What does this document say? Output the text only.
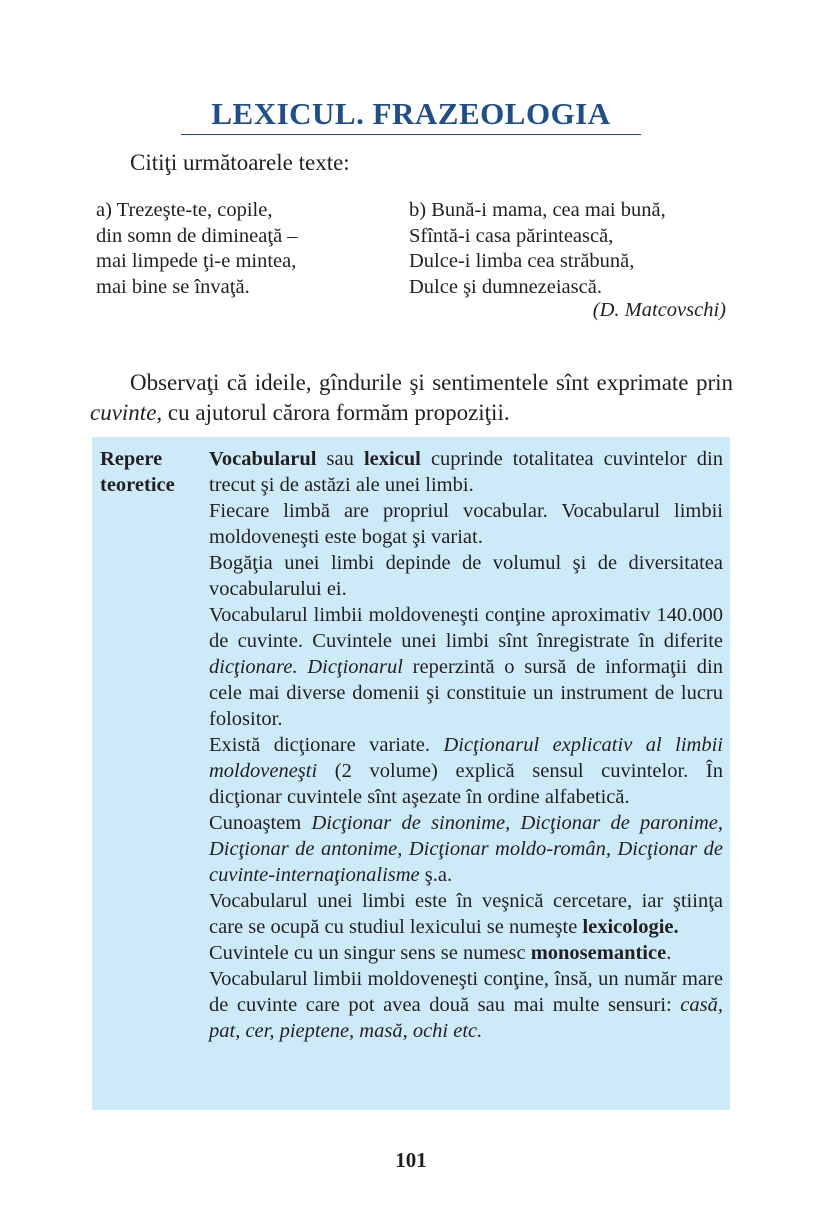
LEXICUL. FRAZEOLOGIA

Citiţi următoarele texte:

a) Trezeşte-te, copile,
din somn de dimineaţă –
mai limpede ţi-e mintea,
mai bine se învaţă.
b) Bună-i mama, cea mai bună,
Sfîntă-i casa părintească,
Dulce-i limba cea străbună,
Dulce şi dumnezeiască.
(D. Matcovschi)

Observaţi că ideile, gîndurile şi sentimentele sînt exprimate prin cuvinte, cu ajutorul cărora formăm propoziţii.

Repere
teoretice

Vocabularul sau lexicul cuprinde totalitatea cuvintelor din trecut şi de astăzi ale unei limbi.

Fiecare limbă are propriul vocabular. Vocabularul limbii moldoveneşti este bogat şi variat.

Bogăţia unei limbi depinde de volumul şi de diversitatea vocabularului ei.

Vocabularul limbii moldoveneşti conţine aproximativ 140.000 de cuvinte. Cuvintele unei limbi sînt înregistrate în diferite dicţionare. Dicţionarul reperzintă o sursă de informaţii din cele mai diverse domenii şi constituie un instrument de lucru folositor.

Există dicţionare variate. Dicţionarul explicativ al limbii moldoveneşti (2 volume) explică sensul cuvintelor. În dicţionar cuvintele sînt aşezate în ordine alfabetică.

Cunoaştem Dicţionar de sinonime, Dicţionar de paronime, Dicţionar de antonime, Dicţionar moldo-român, Dicţionar de cuvinte-internaţionalisme ş.a.

Vocabularul unei limbi este în veşnică cercetare, iar ştiinţa care se ocupă cu studiul lexicului se numeşte lexicologie.

Cuvintele cu un singur sens se numesc monosemantice.

Vocabularul limbii moldoveneşti conţine, însă, un număr mare de cuvinte care pot avea două sau mai multe sensuri: casă, pat, cer, pieptene, masă, ochi etc.

101
